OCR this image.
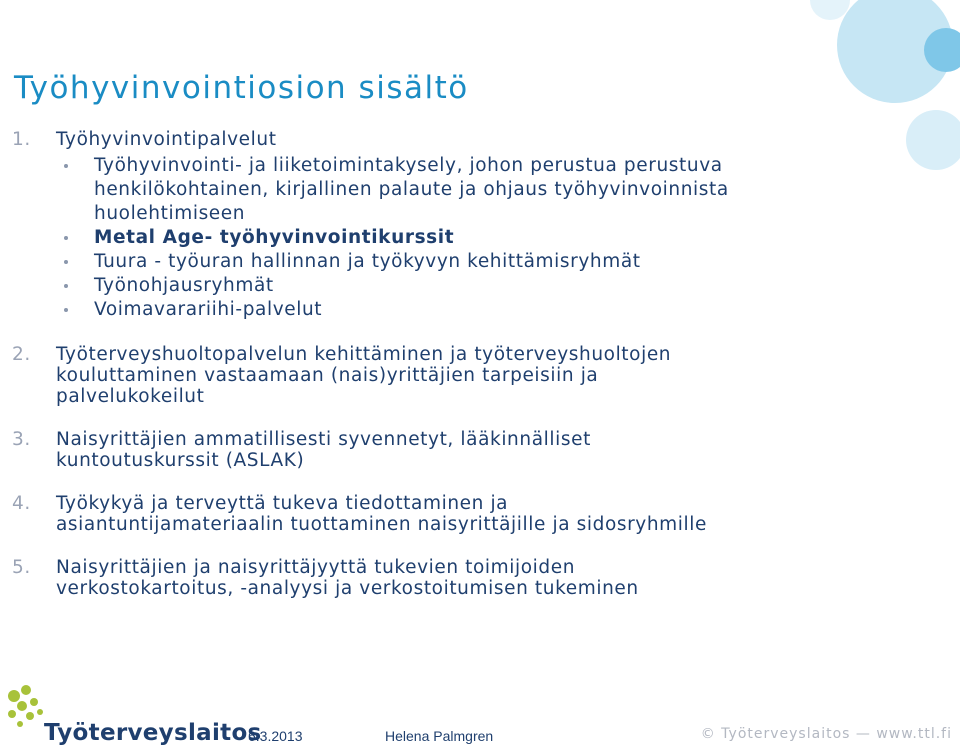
Työhyvinvointiosion sisältö
1. Työhyvinvointipalvelut
Työhyvinvointi- ja liiketoimintakysely, johon perustua perustuva henkilökohtainen, kirjallinen palaute ja ohjaus työhyvinvoinnista huolehtimiseen
Metal Age- työhyvinvointikurssit
Tuura - työuran hallinnan ja työkyvyn kehittämisryhmät
Työnohjausryhmät
Voimavarariihi-palvelut
2. Työterveyshuoltopalvelun kehittäminen ja työterveyshuoltojen kouluttaminen vastaamaan (nais)yrittäjien tarpeisiin ja palvelukokeilut
3. Naisyrittäjien ammatillisesti syvennetyt, lääkinnälliset kuntoutuskurssit (ASLAK)
4. Työkykyä ja terveyttä tukeva tiedottaminen ja asiantuntijamateriaalin tuottaminen naisyrittäjille ja sidosryhmille
5. Naisyrittäjien ja naisyrittäjyyttä tukevien toimijoiden verkostokartoitus, -analyysi ja verkostoitumisen tukeminen
Työterveyslaitos
6.3.2013	Helena Palmgren	© Työterveyslaitos — www.ttl.fi
